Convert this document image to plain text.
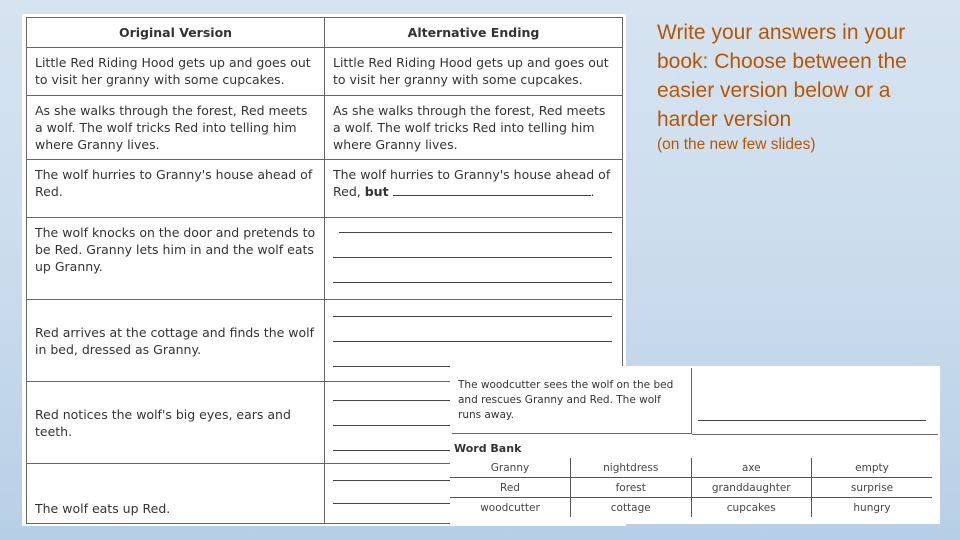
Original Version	Alternative Ending
Little Red Riding Hood gets up and goes out to visit her granny with some cupcakes.	Little Red Riding Hood gets up and goes out to visit her granny with some cupcakes.
As she walks through the forest, Red meets a wolf. The wolf tricks Red into telling him where Granny lives.	As she walks through the forest, Red meets a wolf. The wolf tricks Red into telling him where Granny lives.
The wolf hurries to Granny's house ahead of Red.	The wolf hurries to Granny's house ahead of Red, but .
The wolf knocks on the door and pretends to be Red. Granny lets him in and the wolf eats up Granny.	

Red arrives at the cottage and finds the wolf in bed, dressed as Granny.	

Red notices the wolf's big eyes, ears and teeth.	

The wolf eats up Red.	
Write your answers in your book: Choose between the easier version below or a harder version
(on the new few slides)
The woodcutter sees the wolf on the bed and rescues Granny and Red. The wolf runs away.
Word Bank
Granny	nightdress	axe	empty
Red	forest	granddaughter	surprise
woodcutter	cottage	cupcakes	hungry
